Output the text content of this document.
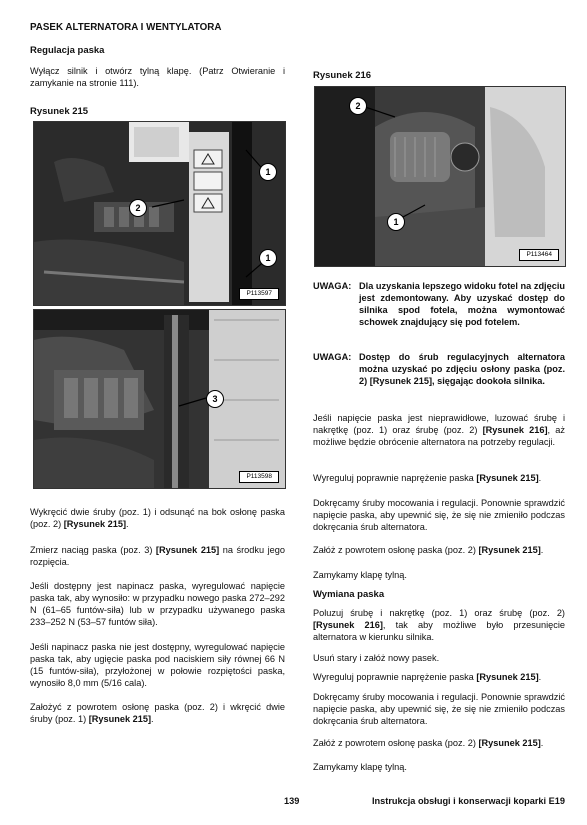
PASEK ALTERNATORA I WENTYLATORA
Regulacja paska

Wyłącz silnik i otwórz tylną klapę. (Patrz Otwieranie i zamykanie na stronie 111).

Rysunek 215
1
2
1
P113597
3
P113598

Wykręcić dwie śruby (poz. 1) i odsunąć na bok osłonę paska (poz. 2) [Rysunek 215].

Zmierz naciąg paska (poz. 3) [Rysunek 215] na środku jego rozpięcia.

Jeśli dostępny jest napinacz paska, wyregulować napięcie paska tak, aby wynosiło: w przypadku nowego paska 272–292 N (61–65 funtów-siła) lub w przypadku używanego paska 233–252 N (53–57 funtów siła).

Jeśli napinacz paska nie jest dostępny, wyregulować napięcie paska tak, aby ugięcie paska pod naciskiem siły równej 66 N (15 funtów-siła), przyłożonej w połowie rozpiętości paska, wynosiło 8,0 mm (5/16 cala).

Założyć z powrotem osłonę paska (poz. 2) i wkręcić dwie śruby (poz. 1) [Rysunek 215].

Rysunek 216
2
1
P113464
UWAGA: Dla uzyskania lepszego widoku fotel na zdjęciu jest zdemontowany. Aby uzyskać dostęp do silnika spod fotela, można wymontować schowek znajdujący się pod fotelem.
UWAGA: Dostęp do śrub regulacyjnych alternatora można uzyskać po zdjęciu osłony paska (poz. 2) [Rysunek 215], sięgając dookoła silnika.

Jeśli napięcie paska jest nieprawidłowe, luzować śrubę i nakrętkę (poz. 1) oraz śrubę (poz. 2) [Rysunek 216], aż możliwe będzie obrócenie alternatora na potrzeby regulacji.

Wyreguluj poprawnie naprężenie paska [Rysunek 215].

Dokręcamy śruby mocowania i regulacji. Ponownie sprawdzić napięcie paska, aby upewnić się, że się nie zmieniło podczas dokręcania śrub alternatora.

Załóż z powrotem osłonę paska (poz. 2) [Rysunek 215].

Zamykamy klapę tylną.

Wymiana paska

Poluzuj śrubę i nakrętkę (poz. 1) oraz śrubę (poz. 2) [Rysunek 216], tak aby możliwe było przesunięcie alternatora w kierunku silnika.

Usuń stary i załóż nowy pasek.

Wyreguluj poprawnie naprężenie paska [Rysunek 215].

Dokręcamy śruby mocowania i regulacji. Ponownie sprawdzić napięcie paska, aby upewnić się, że się nie zmieniło podczas dokręcania śrub alternatora.

Załóż z powrotem osłonę paska (poz. 2) [Rysunek 215].

Zamykamy klapę tylną.

139	Instrukcja obsługi i konserwacji koparki E19
